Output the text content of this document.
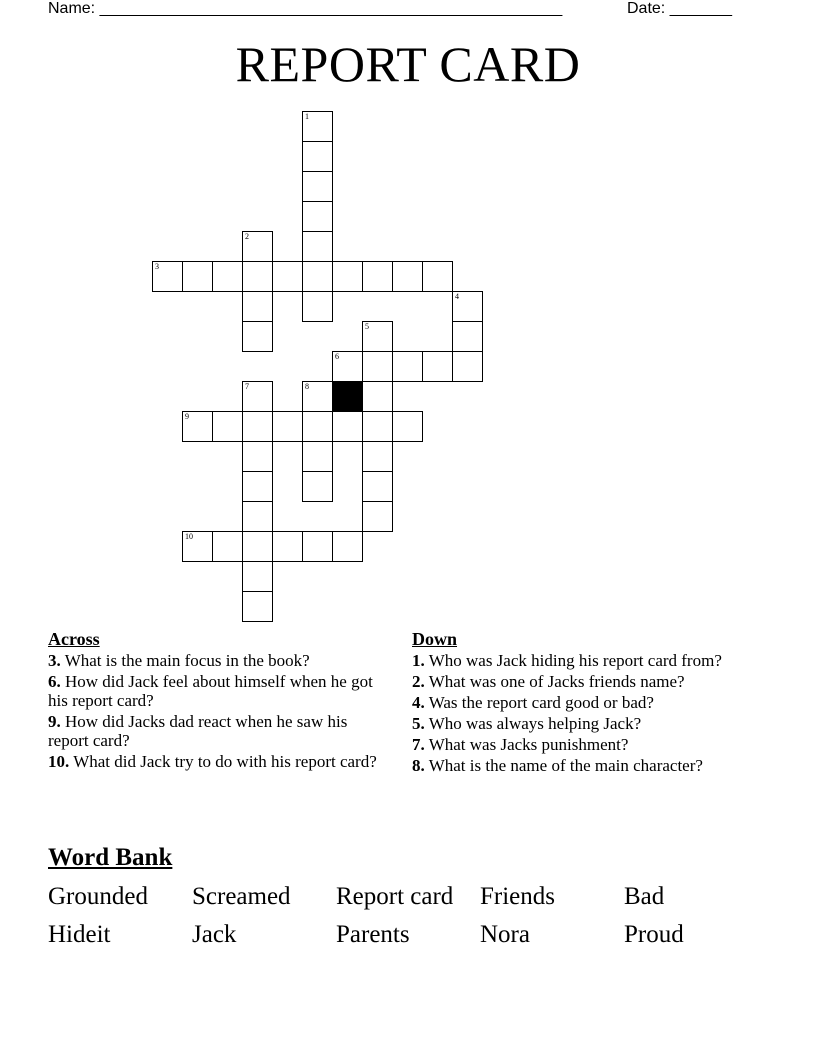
Name: ____________________________________________________	Date: _______
REPORT CARD
1
2
3
4
5
6
7	8
9
10
Across
3. What is the main focus in the book?
6. How did Jack feel about himself when he got his report card?
9. How did Jacks dad react when he saw his report card?
10. What did Jack try to do with his report card?
Down
1. Who was Jack hiding his report card from?
2. What was one of Jacks friends name?
4. Was the report card good or bad?
5. Who was always helping Jack?
7. What was Jacks punishment?
8. What is the name of the main character?
Word Bank
Grounded	Screamed	Report card	Friends	Bad
Hideit	Jack	Parents	Nora	Proud
